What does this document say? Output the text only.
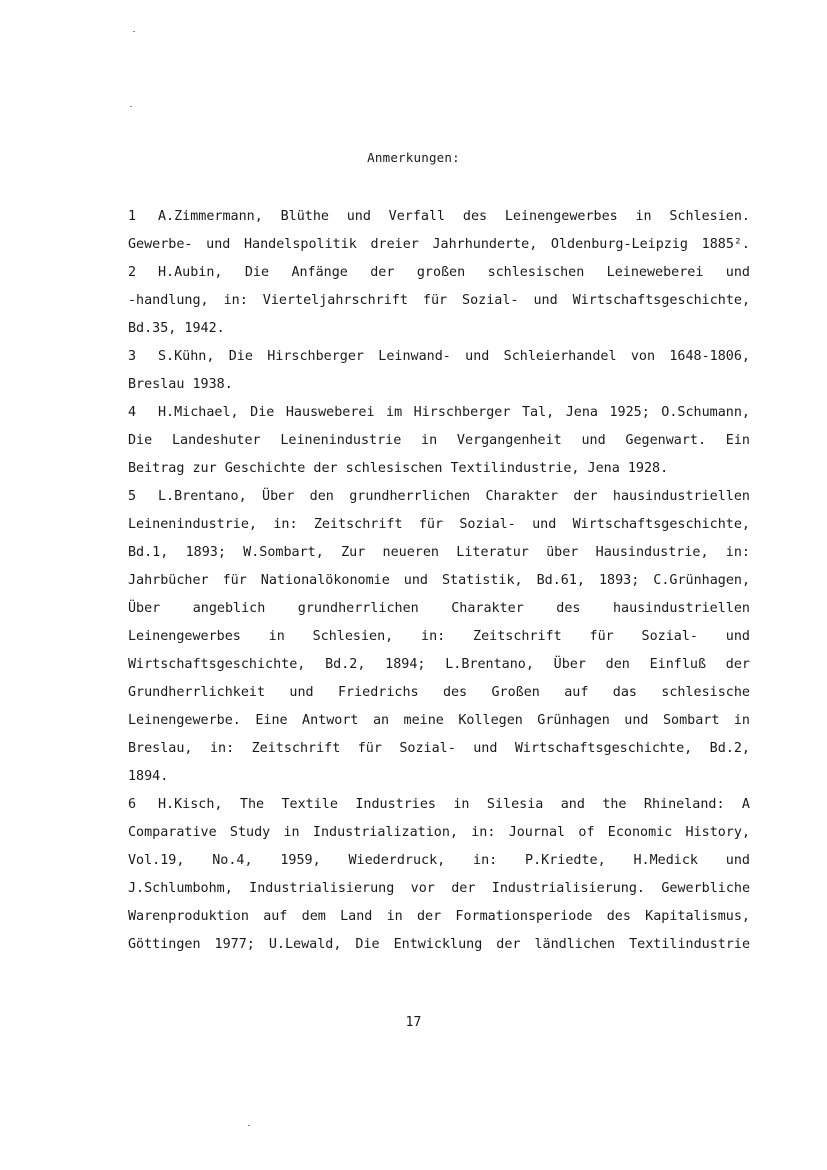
Anmerkungen:
1 A.Zimmermann, Blüthe und Verfall des Leinengewerbes in Schlesien.
Gewerbe- und Handelspolitik dreier Jahrhunderte, Oldenburg-Leipzig 1885².
2 H.Aubin, Die Anfänge der großen schlesischen Leineweberei und
-handlung, in: Vierteljahrschrift für Sozial- und Wirtschaftsgeschichte,
Bd.35, 1942.
3 S.Kühn, Die Hirschberger Leinwand- und Schleierhandel von 1648-1806,
Breslau 1938.
4 H.Michael, Die Hausweberei im Hirschberger Tal, Jena 1925; O.Schumann,
Die Landeshuter Leinenindustrie in Vergangenheit und Gegenwart. Ein
Beitrag zur Geschichte der schlesischen Textilindustrie, Jena 1928.
5 L.Brentano, Über den grundherrlichen Charakter der hausindustriellen
Leinenindustrie, in: Zeitschrift für Sozial- und Wirtschaftsgeschichte,
Bd.1, 1893; W.Sombart, Zur neueren Literatur über Hausindustrie, in:
Jahrbücher für Nationalökonomie und Statistik, Bd.61, 1893; C.Grünhagen,
Über angeblich grundherrlichen Charakter des hausindustriellen
Leinengewerbes in Schlesien, in: Zeitschrift für Sozial- und
Wirtschaftsgeschichte, Bd.2, 1894; L.Brentano, Über den Einfluß der
Grundherrlichkeit und Friedrichs des Großen auf das schlesische
Leinengewerbe. Eine Antwort an meine Kollegen Grünhagen und Sombart in
Breslau, in: Zeitschrift für Sozial- und Wirtschaftsgeschichte, Bd.2,
1894.
6 H.Kisch, The Textile Industries in Silesia and the Rhineland: A
Comparative Study in Industrialization, in: Journal of Economic History,
Vol.19, No.4, 1959, Wiederdruck, in: P.Kriedte, H.Medick und
J.Schlumbohm, Industrialisierung vor der Industrialisierung. Gewerbliche
Warenproduktion auf dem Land in der Formationsperiode des Kapitalismus,
Göttingen 1977; U.Lewald, Die Entwicklung der ländlichen Textilindustrie
17
